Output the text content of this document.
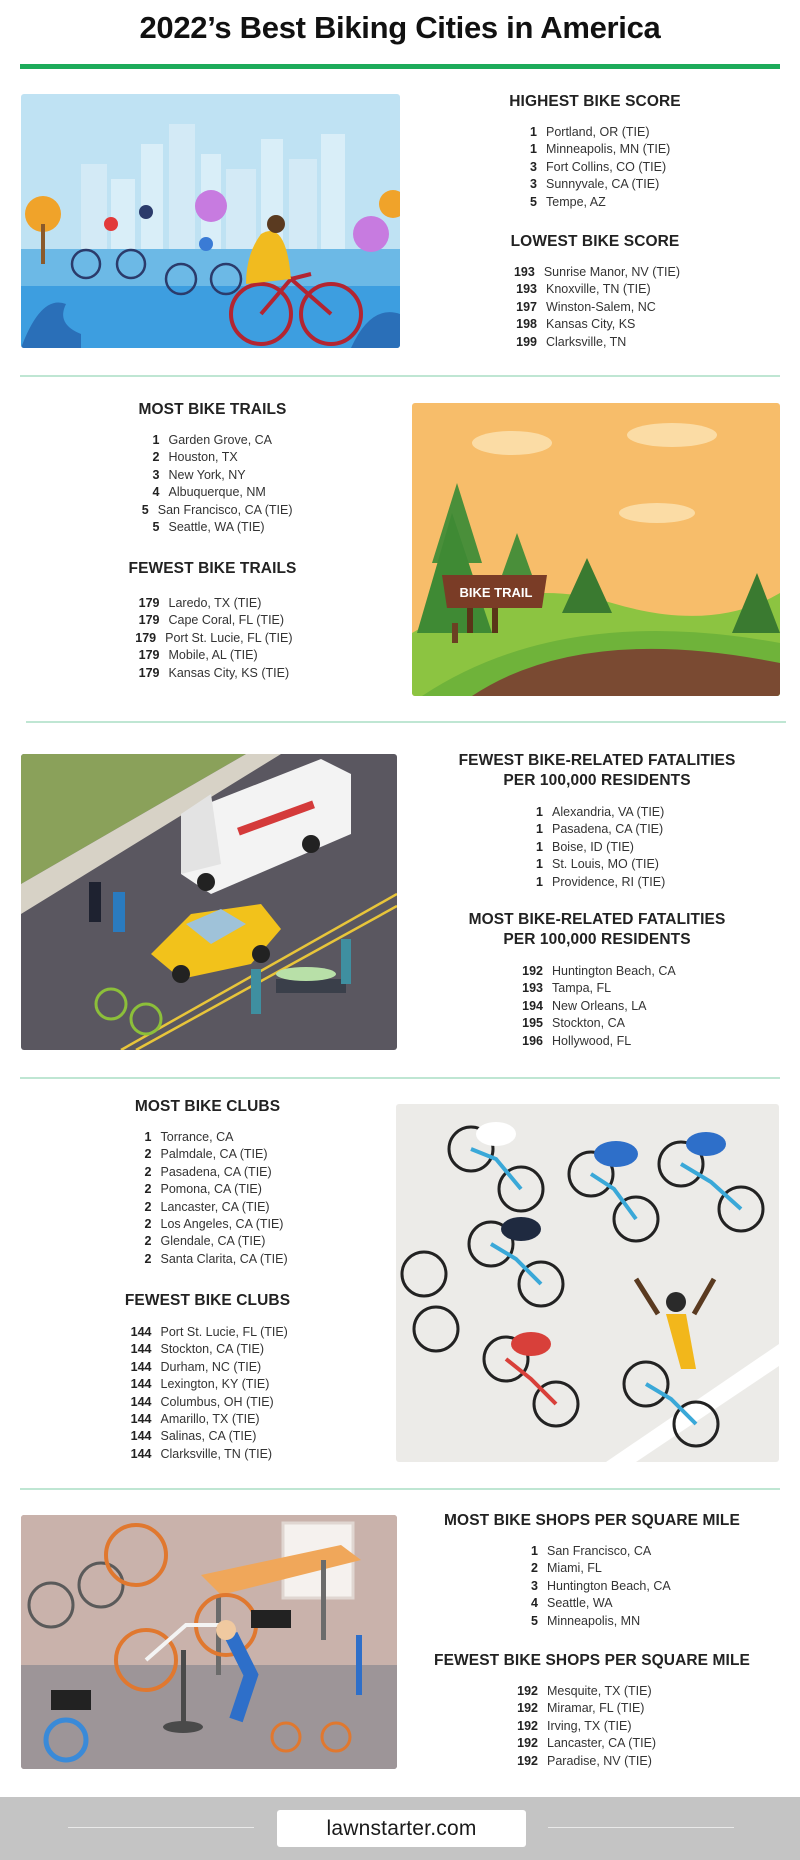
2022’s Best Biking Cities in America
HIGHEST BIKE SCORE
1 Portland, OR (TIE)
1 Minneapolis, MN (TIE)
3 Fort Collins, CO (TIE)
3 Sunnyvale, CA (TIE)
5 Tempe, AZ
LOWEST BIKE SCORE
193 Sunrise Manor, NV (TIE)
193 Knoxville, TN (TIE)
197 Winston-Salem, NC
198 Kansas City, KS
199 Clarksville, TN
MOST BIKE TRAILS
1 Garden Grove, CA
2 Houston, TX
3 New York, NY
4 Albuquerque, NM
5 San Francisco, CA (TIE)
5 Seattle, WA (TIE)
FEWEST BIKE TRAILS
179 Laredo, TX (TIE)
179 Cape Coral, FL (TIE)
179 Port St. Lucie, FL (TIE)
179 Mobile, AL (TIE)
179 Kansas City, KS (TIE)
BIKE TRAIL
FEWEST BIKE-RELATED FATALITIES
PER 100,000 RESIDENTS
1 Alexandria, VA (TIE)
1 Pasadena, CA (TIE)
1 Boise, ID (TIE)
1 St. Louis, MO (TIE)
1 Providence, RI (TIE)
MOST BIKE-RELATED FATALITIES
PER 100,000 RESIDENTS
192 Huntington Beach, CA
193 Tampa, FL
194 New Orleans, LA
195 Stockton, CA
196 Hollywood, FL
MOST BIKE CLUBS
1 Torrance, CA
2 Palmdale, CA (TIE)
2 Pasadena, CA (TIE)
2 Pomona, CA (TIE)
2 Lancaster, CA (TIE)
2 Los Angeles, CA (TIE)
2 Glendale, CA (TIE)
2 Santa Clarita, CA (TIE)
FEWEST BIKE CLUBS
144 Port St. Lucie, FL (TIE)
144 Stockton, CA (TIE)
144 Durham, NC (TIE)
144 Lexington, KY (TIE)
144 Columbus, OH (TIE)
144 Amarillo, TX (TIE)
144 Salinas, CA (TIE)
144 Clarksville, TN (TIE)
MOST BIKE SHOPS PER SQUARE MILE
1 San Francisco, CA
2 Miami, FL
3 Huntington Beach, CA
4 Seattle, WA
5 Minneapolis, MN
FEWEST BIKE SHOPS PER SQUARE MILE
192 Mesquite, TX (TIE)
192 Miramar, FL (TIE)
192 Irving, TX (TIE)
192 Lancaster, CA (TIE)
192 Paradise, NV (TIE)
lawnstarter.com
